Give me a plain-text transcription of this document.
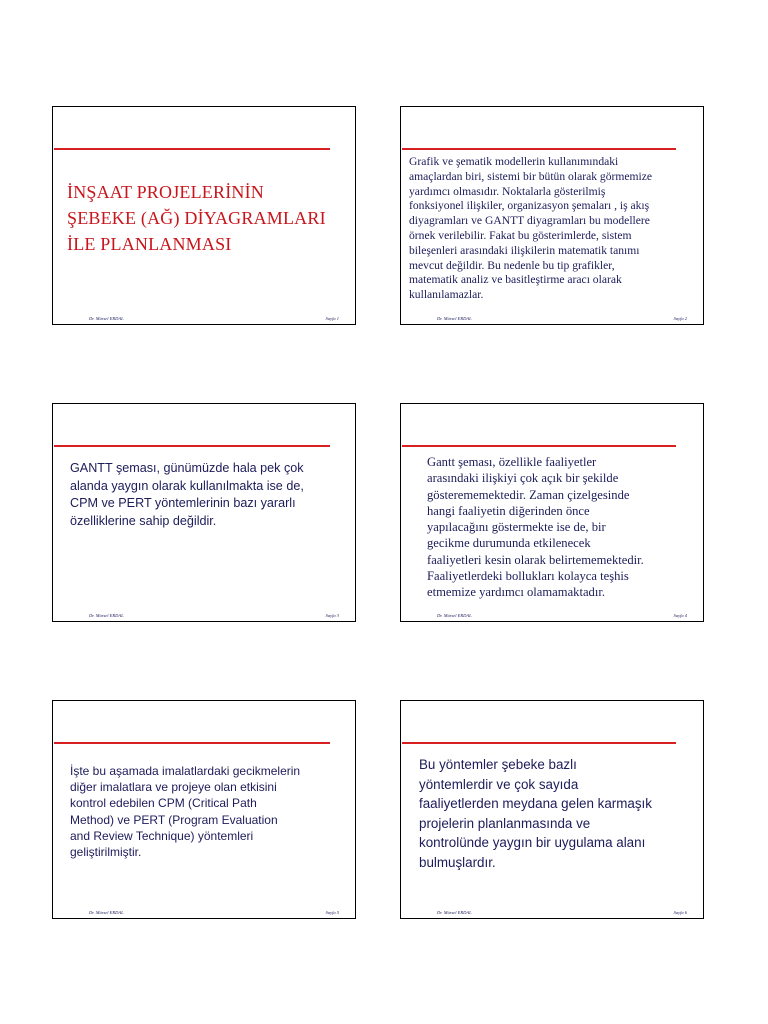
İNŞAAT PROJELERİNİN
ŞEBEKE (AĞ) DİYAGRAMLARI
İLE PLANLANMASI
Dr. Mürsel ERDAL	Sayfa 1
Grafik ve şematik modellerin kullanımındaki
amaçlardan biri, sistemi bir bütün olarak görmemize
yardımcı olmasıdır. Noktalarla gösterilmiş
fonksiyonel ilişkiler, organizasyon şemaları , iş akış
diyagramları ve GANTT diyagramları bu modellere
örnek verilebilir. Fakat bu gösterimlerde, sistem
bileşenleri arasındaki ilişkilerin matematik tanımı
mevcut değildir. Bu nedenle bu tip grafikler,
matematik analiz ve basitleştirme aracı olarak
kullanılamazlar.
Dr. Mürsel ERDAL	Sayfa 2
GANTT şeması, günümüzde hala pek çok
alanda yaygın olarak kullanılmakta ise de,
CPM ve PERT yöntemlerinin bazı yararlı
özelliklerine sahip değildir.
Dr. Mürsel ERDAL	Sayfa 3
Gantt şeması, özellikle faaliyetler
arasındaki ilişkiyi çok açık bir şekilde
gösterememektedir. Zaman çizelgesinde
hangi faaliyetin diğerinden önce
yapılacağını göstermekte ise de, bir
gecikme durumunda etkilenecek
faaliyetleri kesin olarak belirtememektedir.
Faaliyetlerdeki bollukları kolayca teşhis
etmemize yardımcı olamamaktadır.
Dr. Mürsel ERDAL	Sayfa 4
İşte bu aşamada imalatlardaki gecikmelerin
diğer imalatlara ve projeye olan etkisini
kontrol edebilen CPM (Critical Path
Method) ve PERT (Program Evaluation
and Review Technique) yöntemleri
geliştirilmiştir.
Dr. Mürsel ERDAL	Sayfa 5
Bu yöntemler şebeke bazlı
yöntemlerdir ve çok sayıda
faaliyetlerden meydana gelen karmaşık
projelerin planlanmasında ve
kontrolünde yaygın bir uygulama alanı
bulmuşlardır.
Dr. Mürsel ERDAL	Sayfa 6
